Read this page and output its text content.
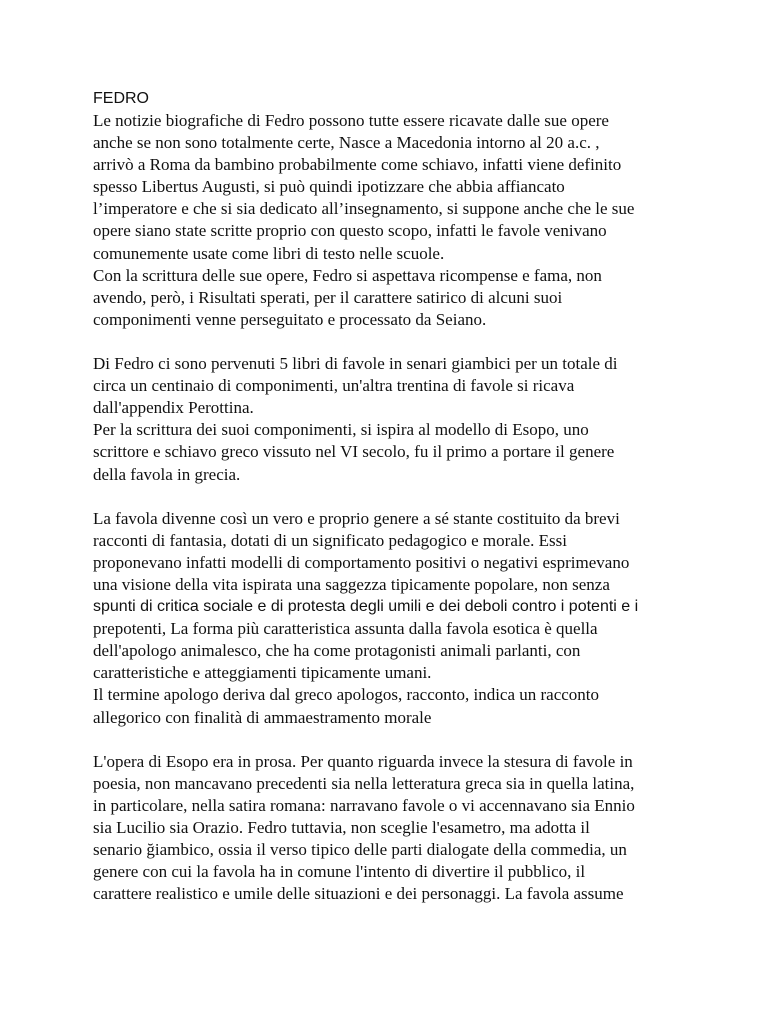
FEDRO
Le notizie biografiche di Fedro possono tutte essere ricavate dalle sue opere
anche se non sono totalmente certe, Nasce a Macedonia intorno al 20 a.c. ,
arrivò a Roma da bambino probabilmente come schiavo, infatti viene definito
spesso Libertus Augusti, si può quindi ipotizzare che abbia affiancato
l’imperatore e che si sia dedicato all’insegnamento, si suppone anche che le sue
opere siano state scritte proprio con questo scopo, infatti le favole venivano
comunemente usate come libri di testo nelle scuole.
Con la scrittura delle sue opere, Fedro si aspettava ricompense e fama, non
avendo, però, i Risultati sperati, per il carattere satirico di alcuni suoi
componimenti venne perseguitato e processato da Seiano.
Di Fedro ci sono pervenuti 5 libri di favole in senari giambici per un totale di
circa un centinaio di componimenti, un'altra trentina di favole si ricava
dall'appendix Perottina.
Per la scrittura dei suoi componimenti, si ispira al modello di Esopo, uno
scrittore e schiavo greco vissuto nel VI secolo, fu il primo a portare il genere
della favola in grecia.
La favola divenne così un vero e proprio genere a sé stante costituito da brevi
racconti di fantasia, dotati di un significato pedagogico e morale. Essi
proponevano infatti modelli di comportamento positivi o negativi esprimevano
una visione della vita ispirata una saggezza tipicamente popolare, non senza
spunti di critica sociale e di protesta degli umili e dei deboli contro i potenti e i
prepotenti, La forma più caratteristica assunta dalla favola esotica è quella
dell'apologo animalesco, che ha come protagonisti animali parlanti, con
caratteristiche e atteggiamenti tipicamente umani.
Il termine apologo deriva dal greco apologos, racconto, indica un racconto
allegorico con finalità di ammaestramento morale
L'opera di Esopo era in prosa. Per quanto riguarda invece la stesura di favole in
poesia, non mancavano precedenti sia nella letteratura greca sia in quella latina,
in particolare, nella satira romana: narravano favole o vi accennavano sia Ennio
sia Lucilio sia Orazio. Fedro tuttavia, non sceglie l'esametro, ma adotta il
senario ğiambico, ossia il verso tipico delle parti dialogate della commedia, un
genere con cui la favola ha in comune l'intento di divertire il pubblico, il
carattere realistico e umile delle situazioni e dei personaggi. La favola assume
